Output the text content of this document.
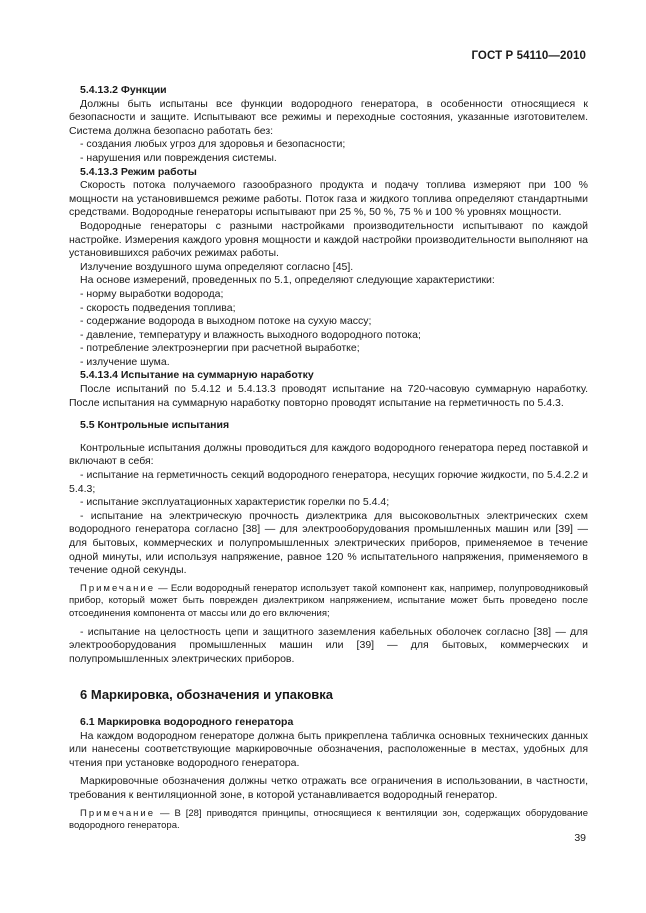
ГОСТ Р 54110—2010

5.4.13.2 Функции

Должны быть испытаны все функции водородного генератора, в особенности относящиеся к безопасности и защите. Испытывают все режимы и переходные состояния, указанные изготовителем. Система должна безопасно работать без:

- создания любых угроз для здоровья и безопасности;

- нарушения или повреждения системы.

5.4.13.3 Режим работы

Скорость потока получаемого газообразного продукта и подачу топлива измеряют при 100 % мощности на установившемся режиме работы. Поток газа и жидкого топлива определяют стандартными средствами. Водородные генераторы испытывают при 25 %, 50 %, 75 % и 100 % уровнях мощности.

Водородные генераторы с разными настройками производительности испытывают по каждой настройке. Измерения каждого уровня мощности и каждой настройки производительности выполняют на установившихся рабочих режимах работы.

Излучение воздушного шума определяют согласно [45].

На основе измерений, проведенных по 5.1, определяют следующие характеристики:

- норму выработки водорода;

- скорость подведения топлива;

- содержание водорода в выходном потоке на сухую массу;

- давление, температуру и влажность выходного водородного потока;

- потребление электроэнергии при расчетной выработке;

- излучение шума.

5.4.13.4 Испытание на суммарную наработку

После испытаний по 5.4.12 и 5.4.13.3 проводят испытание на 720-часовую суммарную наработку. После испытания на суммарную наработку повторно проводят испытание на герметичность по 5.4.3.

5.5 Контрольные испытания

Контрольные испытания должны проводиться для каждого водородного генератора перед поставкой и включают в себя:

- испытание на герметичность секций водородного генератора, несущих горючие жидкости, по 5.4.2.2 и 5.4.3;

- испытание эксплуатационных характеристик горелки по 5.4.4;

- испытание на электрическую прочность диэлектрика для высоковольтных электрических схем водородного генератора согласно [38] — для электрооборудования промышленных машин или [39] — для бытовых, коммерческих и полупромышленных электрических приборов, применяемое в течение одной минуты, или используя напряжение, равное 120 % испытательного напряжения, применяемого в течение одной секунды.

Примечание — Если водородный генератор использует такой компонент как, например, полупроводниковый прибор, который может быть поврежден диэлектриком напряжением, испытание может быть проведено после отсоединения компонента от массы или до его включения;

- испытание на целостность цепи и защитного заземления кабельных оболочек согласно [38] — для электрооборудования промышленных машин или [39] — для бытовых, коммерческих и полупромышленных электрических приборов.

6 Маркировка, обозначения и упаковка

6.1 Маркировка водородного генератора

На каждом водородном генераторе должна быть прикреплена табличка основных технических данных или нанесены соответствующие маркировочные обозначения, расположенные в местах, удобных для чтения при установке водородного генератора.

Маркировочные обозначения должны четко отражать все ограничения в использовании, в частности, требования к вентиляционной зоне, в которой устанавливается водородный генератор.

Примечание — В [28] приводятся принципы, относящиеся к вентиляции зон, содержащих оборудование водородного генератора.

39
